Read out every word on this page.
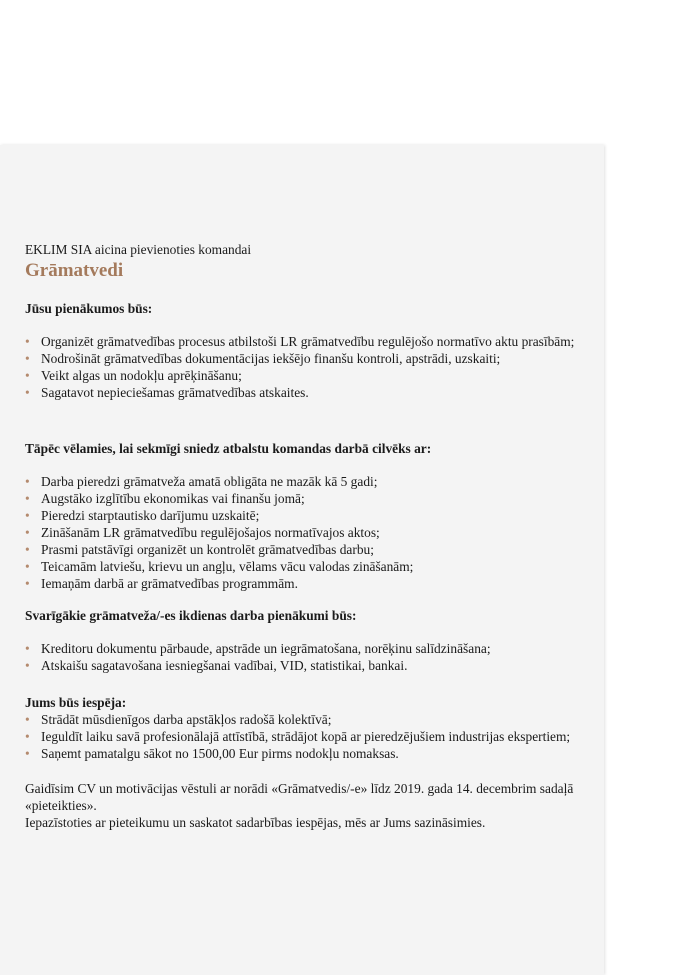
EKLIM SIA aicina pievienoties komandai

Grāmatvedi
Jūsu pienākumos būs:
• Organizēt grāmatvedības procesus atbilstoši LR grāmatvedību regulējošo normatīvo aktu prasībām;
• Nodrošināt grāmatvedības dokumentācijas iekšējo finanšu kontroli, apstrādi, uzskaiti;
• Veikt algas un nodokļu aprēķināšanu;
• Sagatavot nepieciešamas grāmatvedības atskaites.
Tāpēc vēlamies, lai sekmīgi sniedz atbalstu komandas darbā cilvēks ar:
• Darba pieredzi grāmatveža amatā obligāta ne mazāk kā 5 gadi;
• Augstāko izglītību ekonomikas vai finanšu jomā;
• Pieredzi starptautisko darījumu uzskaitē;
• Zināšanām LR grāmatvedību regulējošajos normatīvajos aktos;
• Prasmi patstāvīgi organizēt un kontrolēt grāmatvedības darbu;
• Teicamām latviešu, krievu un angļu, vēlams vācu valodas zināšanām;
• Iemaņām darbā ar grāmatvedības programmām.
Svarīgākie grāmatveža/-es ikdienas darba pienākumi būs:
• Kreditoru dokumentu pārbaude, apstrāde un iegrāmatošana, norēķinu salīdzināšana;
• Atskaišu sagatavošana iesniegšanai vadībai, VID, statistikai, bankai.
Jums būs iespēja:
• Strādāt mūsdienīgos darba apstākļos radošā kolektīvā;
• Ieguldīt laiku savā profesionālajā attīstībā, strādājot kopā ar pieredzējušiem industrijas ekspertiem;
• Saņemt pamatalgu sākot no 1500,00 Eur pirms nodokļu nomaksas.

Gaidīsim CV un motivācijas vēstuli ar norādi «Grāmatvedis/-e» līdz 2019. gada 14. decembrim sadaļā «pieteikties».

Iepazīstoties ar pieteikumu un saskatot sadarbības iespējas, mēs ar Jums sazināsimies.
